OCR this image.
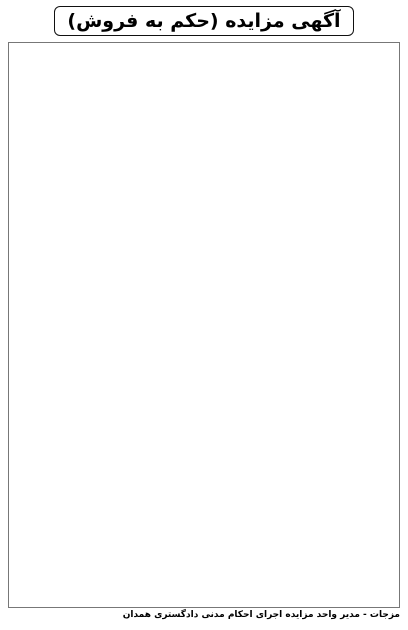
آگهی مزایده (حکم به فروش)
مزجات - مدیر واحد مزایده اجرای احکام مدنی دادگستری همدان
